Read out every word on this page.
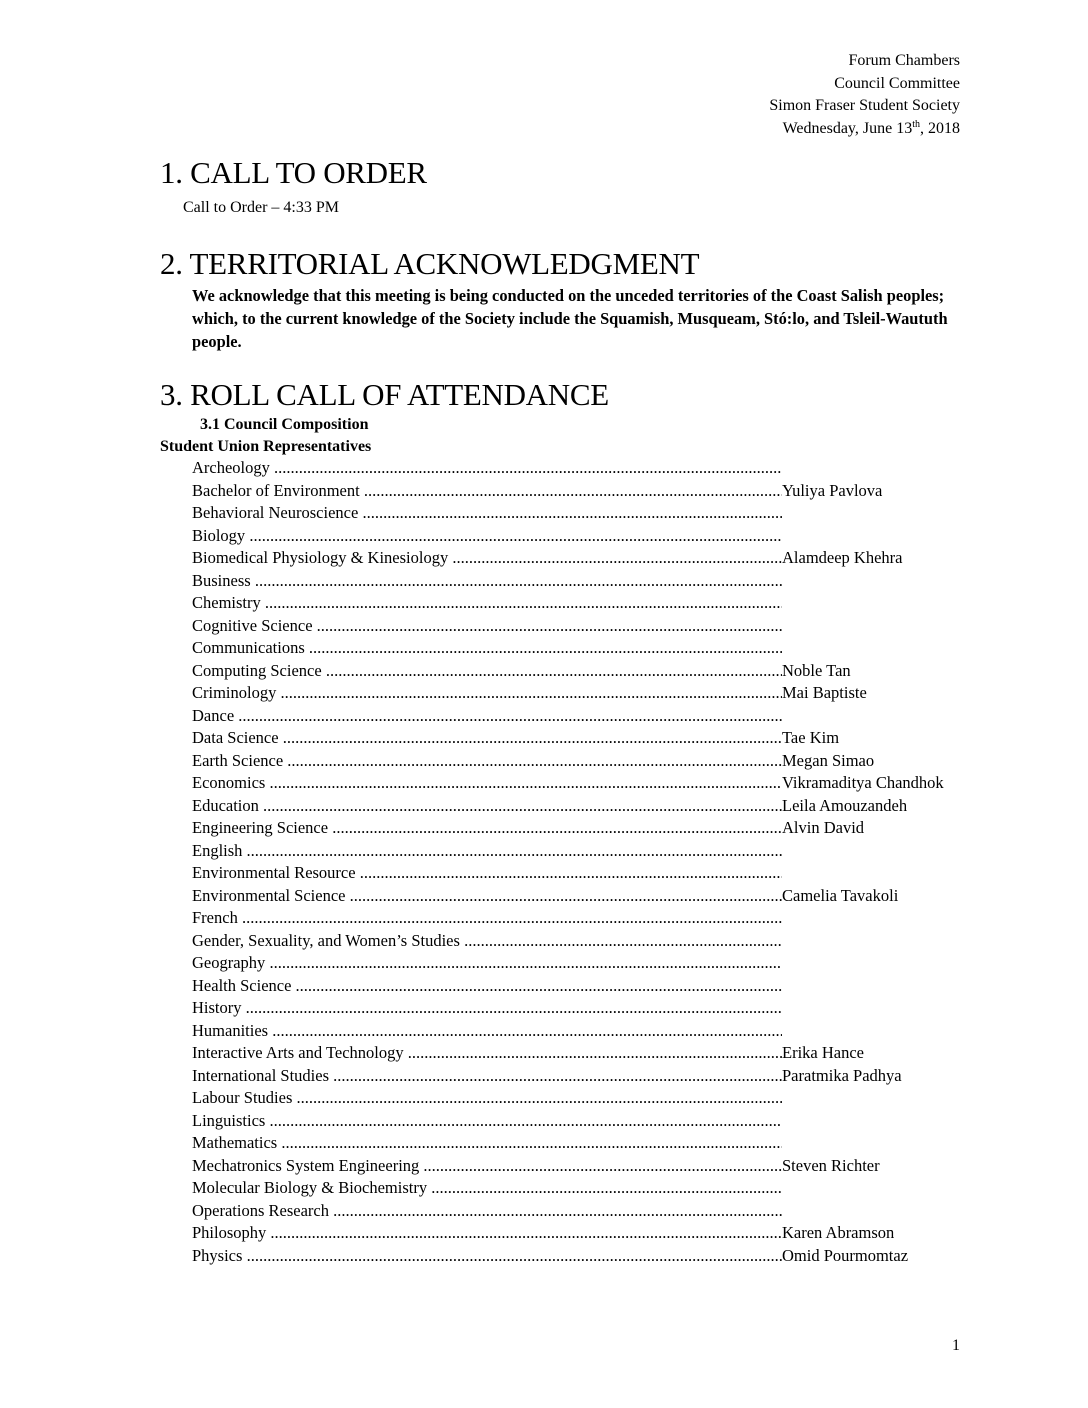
Forum Chambers
Council Committee
Simon Fraser Student Society
Wednesday, June 13th, 2018
1. CALL TO ORDER
Call to Order – 4:33 PM
2. TERRITORIAL ACKNOWLEDGMENT
We acknowledge that this meeting is being conducted on the unceded territories of the Coast Salish peoples; which, to the current knowledge of the Society include the Squamish, Musqueam, Stó:lo, and Tsleil-Waututh people.
3. ROLL CALL OF ATTENDANCE
3.1 Council Composition
Student Union Representatives
Archeology .....
Bachelor of Environment .....	Yuliya Pavlova
Behavioral Neuroscience .....
Biology .....
Biomedical Physiology & Kinesiology .....	Alamdeep Khehra
Business .....
Chemistry .....
Cognitive Science .....
Communications .....
Computing Science .....	Noble Tan
Criminology .....	Mai Baptiste
Dance .....
Data Science .....	Tae Kim
Earth Science .....	Megan Simao
Economics .....	Vikramaditya Chandhok
Education .....	Leila Amouzandeh
Engineering Science .....	Alvin David
English .....
Environmental Resource .....
Environmental Science .....	Camelia Tavakoli
French .....
Gender, Sexuality, and Women’s Studies .....
Geography .....
Health Science .....
History .....
Humanities .....
Interactive Arts and Technology .....	Erika Hance
International Studies .....	Paratmika Padhya
Labour Studies .....
Linguistics .....
Mathematics .....
Mechatronics System Engineering .....	Steven Richter
Molecular Biology & Biochemistry .....
Operations Research .....
Philosophy .....	Karen Abramson
Physics .....	Omid Pourmomtaz
1
